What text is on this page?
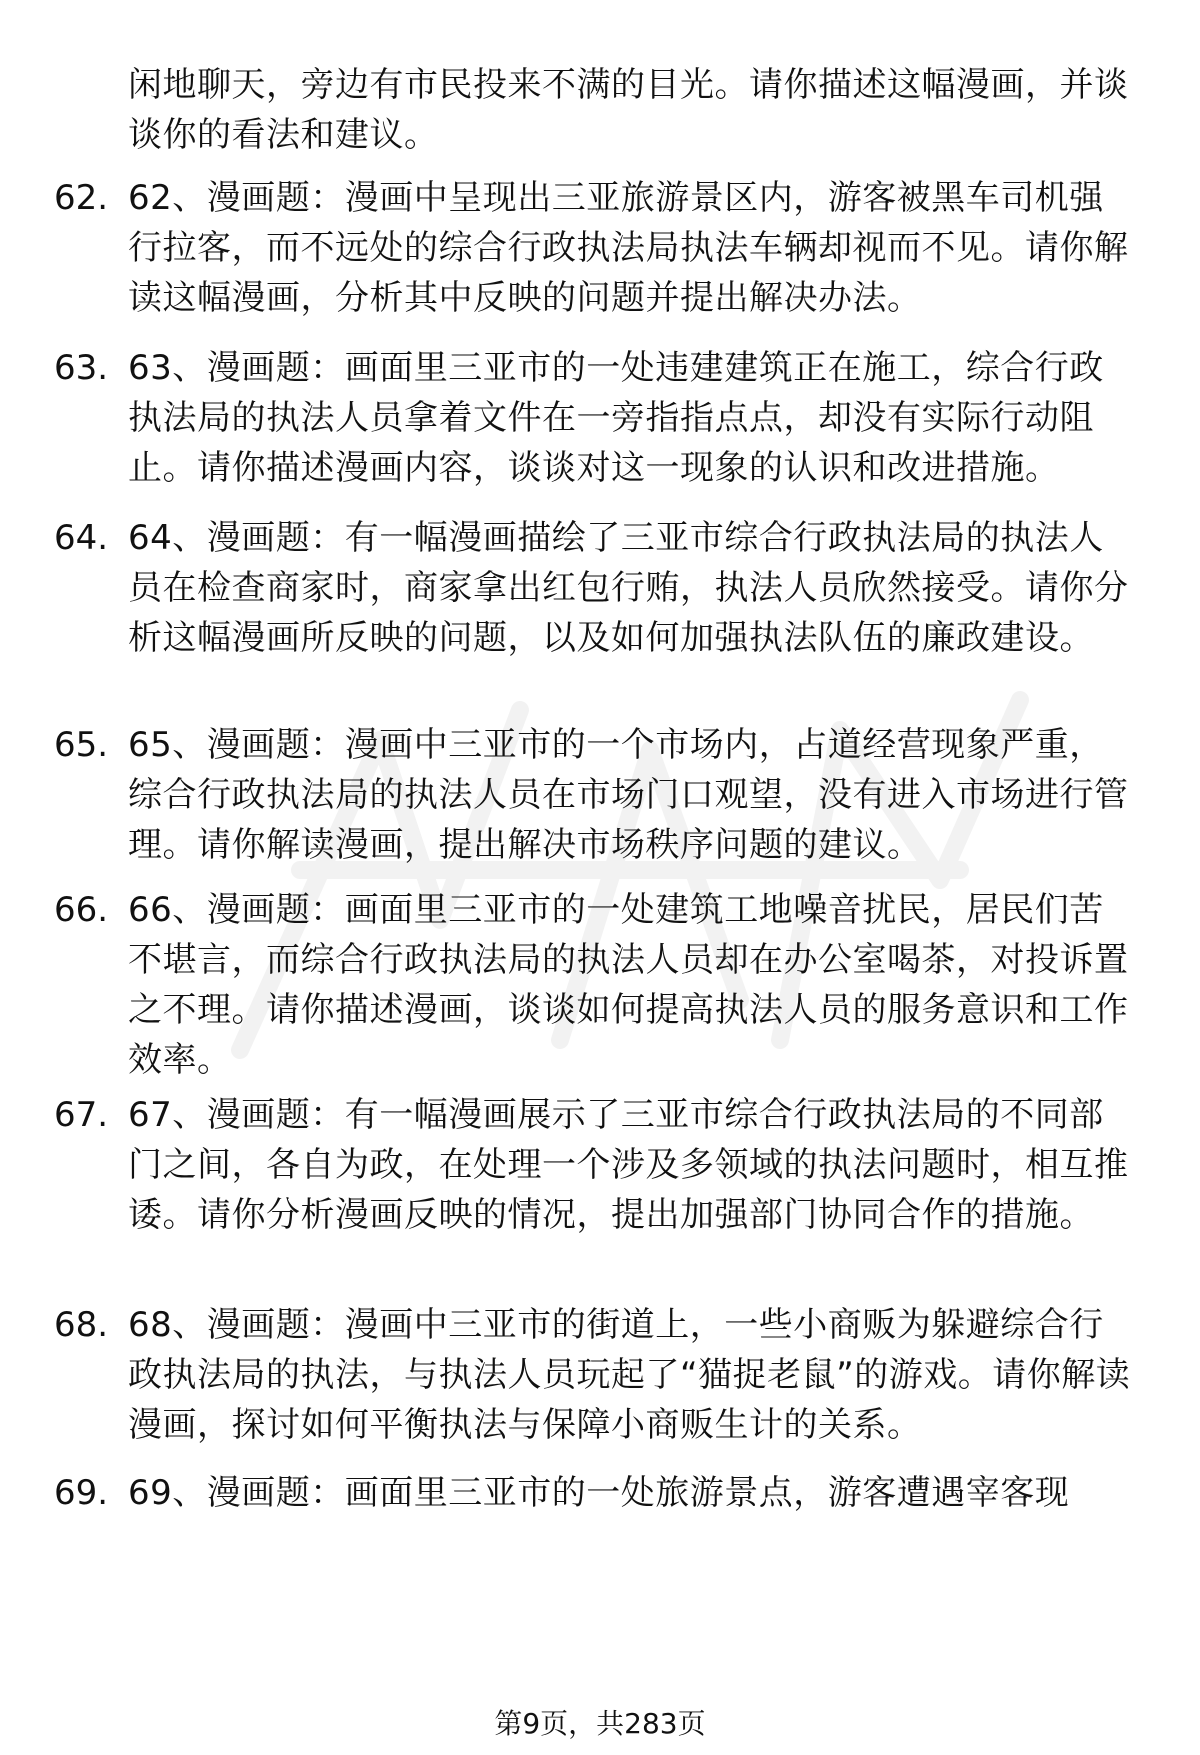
闲地聊天，旁边有市民投来不满的目光。请你描述这幅漫画，并谈谈你的看法和建议。
62. 62、漫画题：漫画中呈现出三亚旅游景区内，游客被黑车司机强行拉客，而不远处的综合行政执法局执法车辆却视而不见。请你解读这幅漫画，分析其中反映的问题并提出解决办法。
63. 63、漫画题：画面里三亚市的一处违建建筑正在施工，综合行政执法局的执法人员拿着文件在一旁指指点点，却没有实际行动阻止。请你描述漫画内容，谈谈对这一现象的认识和改进措施。
64. 64、漫画题：有一幅漫画描绘了三亚市综合行政执法局的执法人员在检查商家时，商家拿出红包行贿，执法人员欣然接受。请你分析这幅漫画所反映的问题，以及如何加强执法队伍的廉政建设。
65. 65、漫画题：漫画中三亚市的一个市场内，占道经营现象严重，综合行政执法局的执法人员在市场门口观望，没有进入市场进行管理。请你解读漫画，提出解决市场秩序问题的建议。
66. 66、漫画题：画面里三亚市的一处建筑工地噪音扰民，居民们苦不堪言，而综合行政执法局的执法人员却在办公室喝茶，对投诉置之不理。请你描述漫画，谈谈如何提高执法人员的服务意识和工作效率。
67. 67、漫画题：有一幅漫画展示了三亚市综合行政执法局的不同部门之间，各自为政，在处理一个涉及多领域的执法问题时，相互推诿。请你分析漫画反映的情况，提出加强部门协同合作的措施。
68. 68、漫画题：漫画中三亚市的街道上，一些小商贩为躲避综合行政执法局的执法，与执法人员玩起了“猫捉老鼠”的游戏。请你解读漫画，探讨如何平衡执法与保障小商贩生计的关系。
69. 69、漫画题：画面里三亚市的一处旅游景点，游客遭遇宰客现
第9页，共283页
